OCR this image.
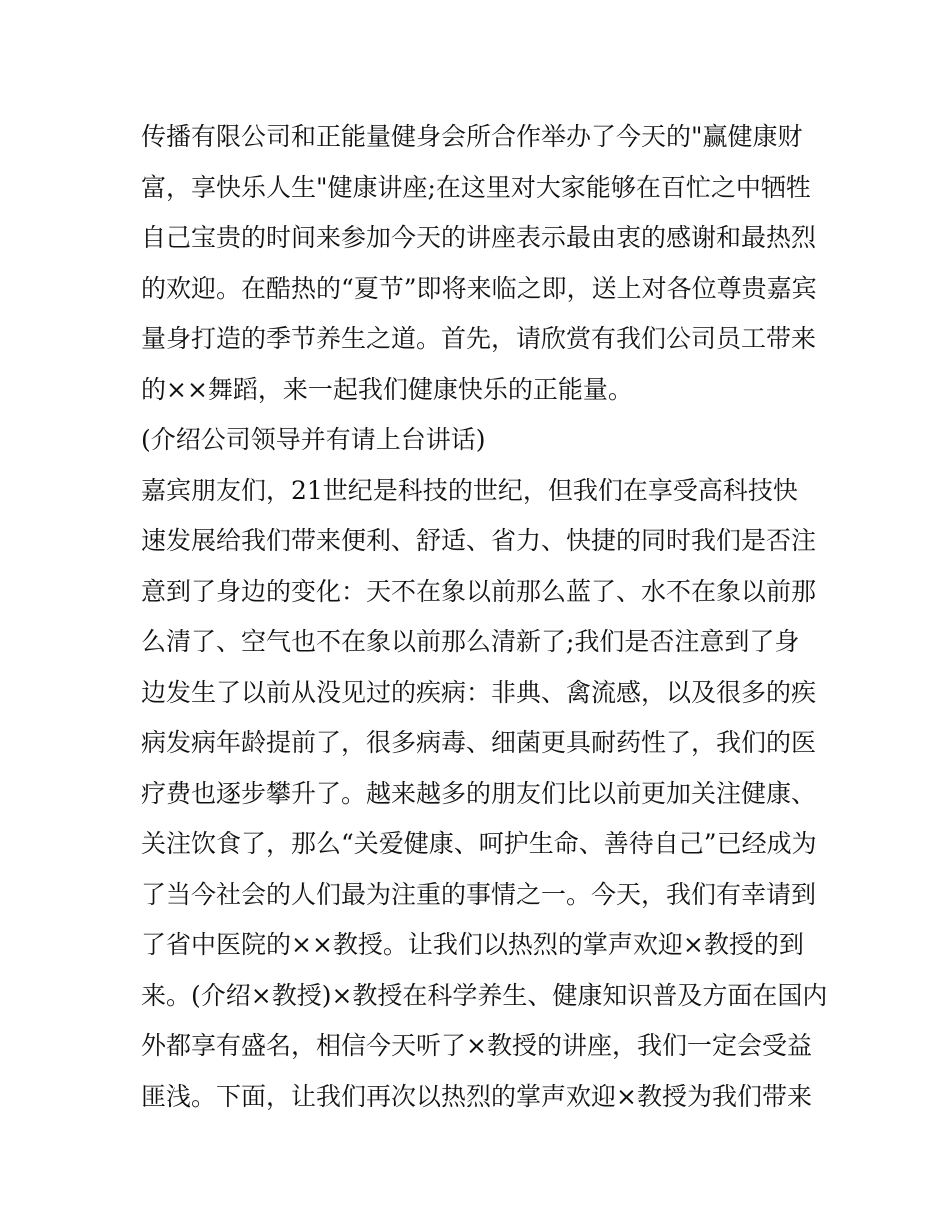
传播有限公司和正能量健身会所合作举办了今天的"赢健康财
富，享快乐人生"健康讲座;在这里对大家能够在百忙之中牺牲
自己宝贵的时间来参加今天的讲座表示最由衷的感谢和最热烈
的欢迎。在酷热的“夏节”即将来临之即，送上对各位尊贵嘉宾
量身打造的季节养生之道。首先，请欣赏有我们公司员工带来
的××舞蹈，来一起我们健康快乐的正能量。
(介绍公司领导并有请上台讲话)
嘉宾朋友们，21世纪是科技的世纪，但我们在享受高科技快
速发展给我们带来便利、舒适、省力、快捷的同时我们是否注
意到了身边的变化：天不在象以前那么蓝了、水不在象以前那
么清了、空气也不在象以前那么清新了;我们是否注意到了身
边发生了以前从没见过的疾病：非典、禽流感，以及很多的疾
病发病年龄提前了，很多病毒、细菌更具耐药性了，我们的医
疗费也逐步攀升了。越来越多的朋友们比以前更加关注健康、
关注饮食了，那么“关爱健康、呵护生命、善待自己”已经成为
了当今社会的人们最为注重的事情之一。今天，我们有幸请到
了省中医院的××教授。让我们以热烈的掌声欢迎×教授的到
来。(介绍×教授)×教授在科学养生、健康知识普及方面在国内
外都享有盛名，相信今天听了×教授的讲座，我们一定会受益
匪浅。下面，让我们再次以热烈的掌声欢迎×教授为我们带来
